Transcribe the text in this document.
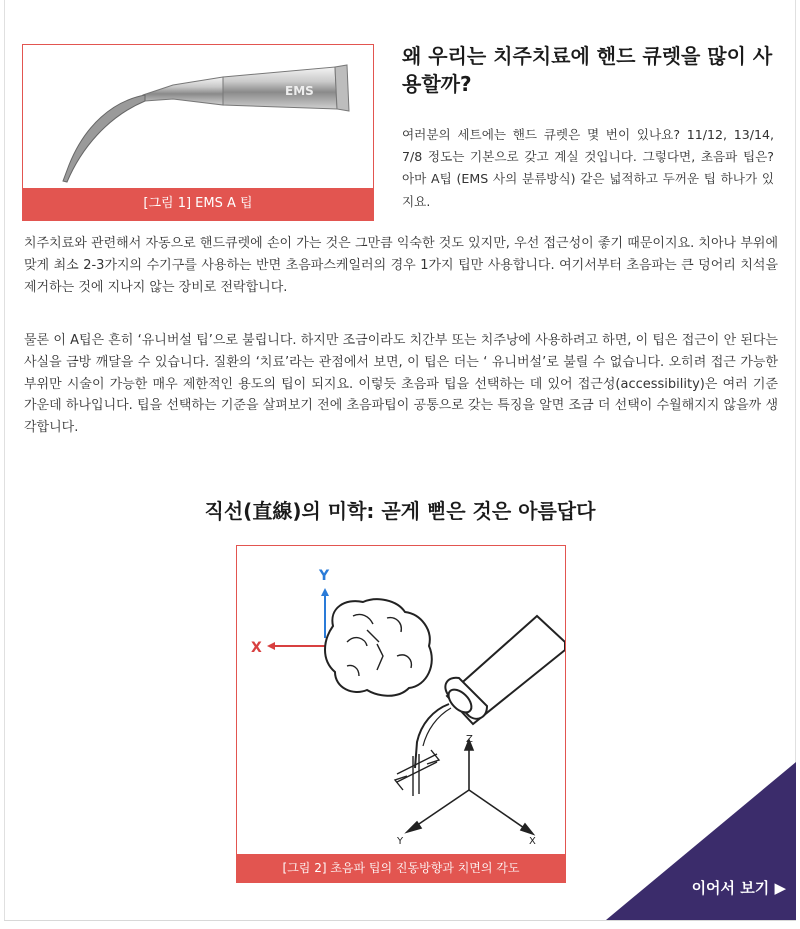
EMS
[그림 1] EMS A 팁
왜 우리는 치주치료에 핸드 큐렛을 많이 사용할까?
여러분의 세트에는 핸드 큐렛은 몇 번이 있나요? 11/12, 13/14, 7/8 정도는 기본으로 갖고 계실 것입니다. 그렇다면, 초음파 팁은? 아마 A팁 (EMS 사의 분류방식) 같은 넓적하고 두꺼운 팁 하나가 있지요.
치주치료와 관련해서 자동으로 핸드큐렛에 손이 가는 것은 그만큼 익숙한 것도 있지만, 우선 접근성이 좋기 때문이지요. 치아나 부위에 맞게 최소 2-3가지의 수기구를 사용하는 반면 초음파스케일러의 경우 1가지 팁만 사용합니다. 여기서부터 초음파는 큰 덩어리 치석을 제거하는 것에 지나지 않는 장비로 전락합니다.
물론 이 A팁은 흔히 ‘유니버설 팁’으로 불립니다. 하지만 조금이라도 치간부 또는 치주낭에 사용하려고 하면, 이 팁은 접근이 안 된다는 사실을 금방 깨달을 수 있습니다. 질환의 ‘치료’라는 관점에서 보면, 이 팁은 더는 ‘ 유니버설’로 불릴 수 없습니다. 오히려 접근 가능한 부위만 시술이 가능한 매우 제한적인 용도의 팁이 되지요. 이렇듯 초음파 팁을 선택하는 데 있어 접근성(accessibility)은 여러 기준 가운데 하나입니다. 팁을 선택하는 기준을 살펴보기 전에 초음파팁이 공통으로 갖는 특징을 알면 조금 더 선택이 수월해지지 않을까 생각합니다.
직선(直線)의 미학: 곧게 뻗은 것은 아름답다
Y
X
Z
Y	X
[그림 2] 초음파 팁의 진동방향과 치면의 각도
이어서 보기 ▶
